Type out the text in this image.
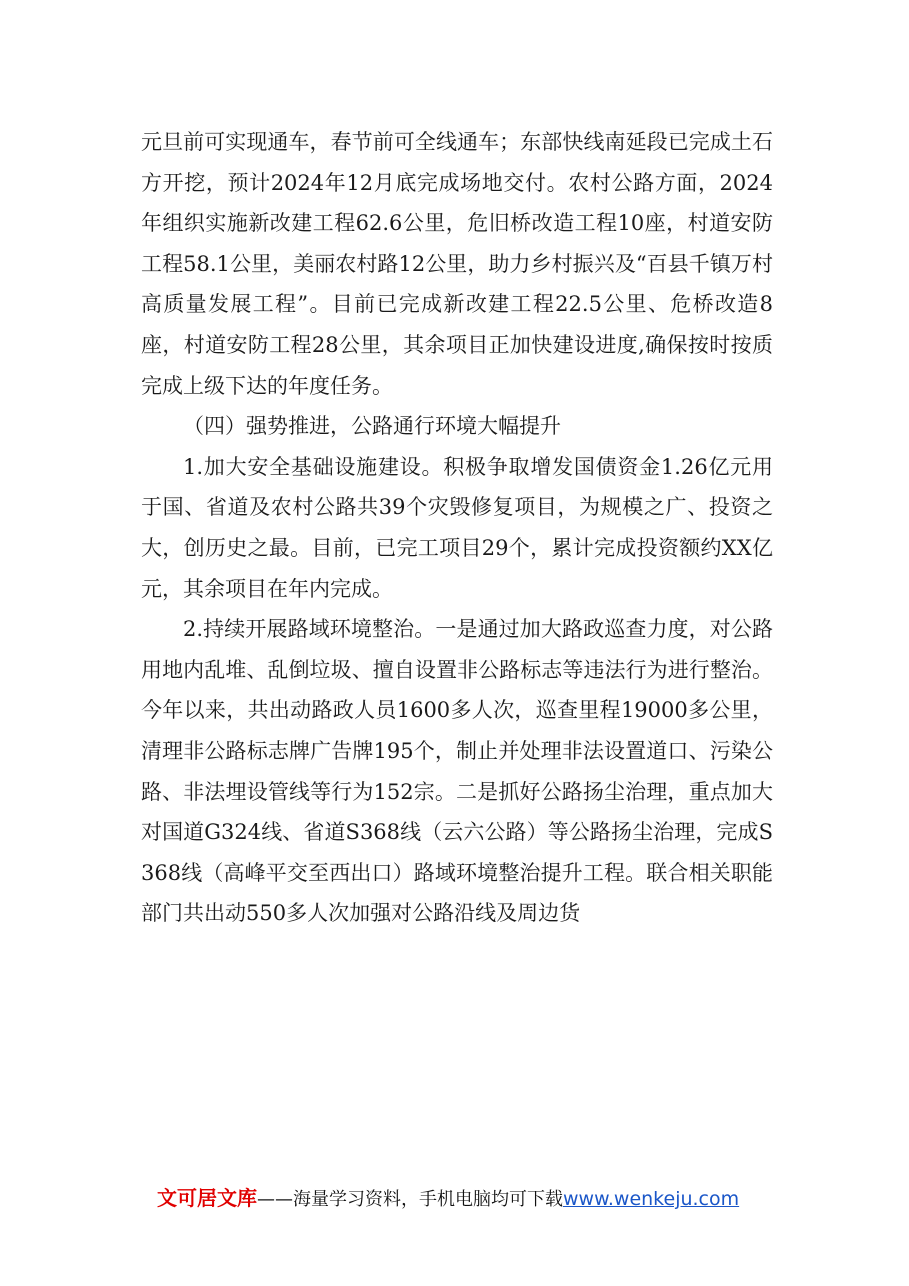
元旦前可实现通车，春节前可全线通车；东部快线南延段已完成土石方开挖，预计2024年12月底完成场地交付。农村公路方面，2024年组织实施新改建工程62.6公里，危旧桥改造工程10座，村道安防工程58.1公里，美丽农村路12公里，助力乡村振兴及“百县千镇万村高质量发展工程”。目前已完成新改建工程22.5公里、危桥改造8座，村道安防工程28公里，其余项目正加快建设进度,确保按时按质完成上级下达的年度任务。

（四）强势推进，公路通行环境大幅提升

1.加大安全基础设施建设。积极争取增发国债资金1.26亿元用于国、省道及农村公路共39个灾毁修复项目，为规模之广、投资之大，创历史之最。目前，已完工项目29个，累计完成投资额约XX亿元，其余项目在年内完成。

2.持续开展路域环境整治。一是通过加大路政巡查力度，对公路用地内乱堆、乱倒垃圾、擅自设置非公路标志等违法行为进行整治。今年以来，共出动路政人员1600多人次，巡查里程19000多公里，清理非公路标志牌广告牌195个，制止并处理非法设置道口、污染公路、非法埋设管线等行为152宗。二是抓好公路扬尘治理，重点加大对国道G324线、省道S368线（云六公路）等公路扬尘治理，完成S368线（高峰平交至西出口）路域环境整治提升工程。联合相关职能部门共出动550多人次加强对公路沿线及周边货

文可居文库——海量学习资料，手机电脑均可下载www.wenkeju.com
